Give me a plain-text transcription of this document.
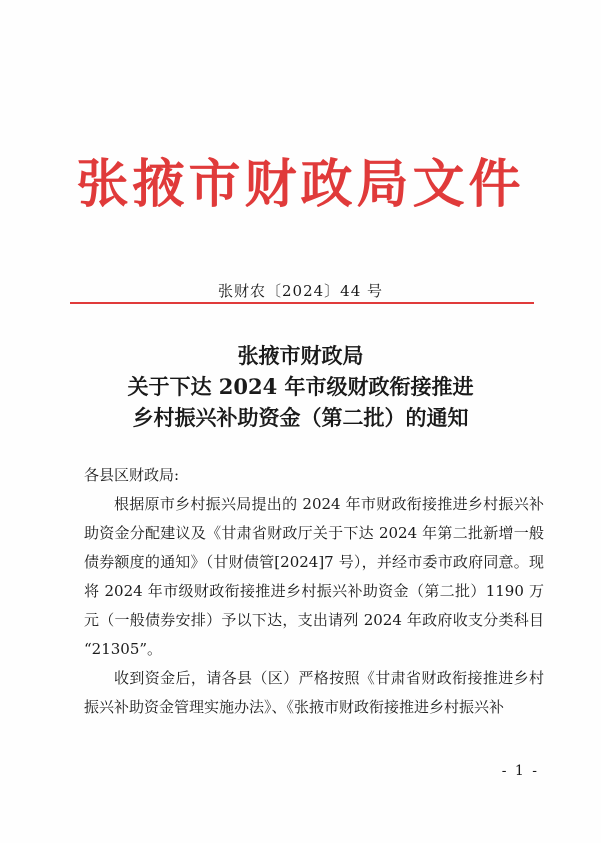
张掖市财政局文件
张财农〔2024〕44 号
张掖市财政局
关于下达 2024 年市级财政衔接推进
乡村振兴补助资金（第二批）的通知

各县区财政局:

根据原市乡村振兴局提出的 2024 年市财政衔接推进乡村振兴补助资金分配建议及《甘肃省财政厅关于下达 2024 年第二批新增一般债券额度的通知》（甘财债管[2024]7 号），并经市委市政府同意。现将 2024 年市级财政衔接推进乡村振兴补助资金（第二批）1190 万元（一般债券安排）予以下达，支出请列 2024 年政府收支分类科目 “21305”。

收到资金后，请各县（区）严格按照《甘肃省财政衔接推进乡村振兴补助资金管理实施办法》、《张掖市财政衔接推进乡村振兴补

- 1 -
